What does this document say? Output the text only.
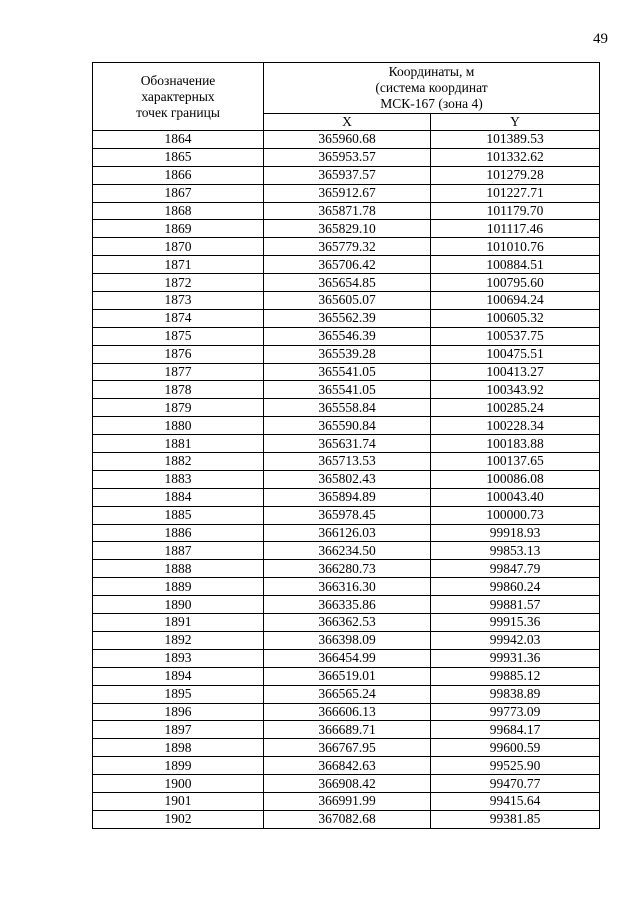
49
Обозначение
характерных
точек границы	Координаты, м
(система координат
МСК-167 (зона 4)	

	X	Y
1864	365960.68	101389.53
1865	365953.57	101332.62
1866	365937.57	101279.28
1867	365912.67	101227.71
1868	365871.78	101179.70
1869	365829.10	101117.46
1870	365779.32	101010.76
1871	365706.42	100884.51
1872	365654.85	100795.60
1873	365605.07	100694.24
1874	365562.39	100605.32
1875	365546.39	100537.75
1876	365539.28	100475.51
1877	365541.05	100413.27
1878	365541.05	100343.92
1879	365558.84	100285.24
1880	365590.84	100228.34
1881	365631.74	100183.88
1882	365713.53	100137.65
1883	365802.43	100086.08
1884	365894.89	100043.40
1885	365978.45	100000.73
1886	366126.03	99918.93
1887	366234.50	99853.13
1888	366280.73	99847.79
1889	366316.30	99860.24
1890	366335.86	99881.57
1891	366362.53	99915.36
1892	366398.09	99942.03
1893	366454.99	99931.36
1894	366519.01	99885.12
1895	366565.24	99838.89
1896	366606.13	99773.09
1897	366689.71	99684.17
1898	366767.95	99600.59
1899	366842.63	99525.90
1900	366908.42	99470.77
1901	366991.99	99415.64
1902	367082.68	99381.85
